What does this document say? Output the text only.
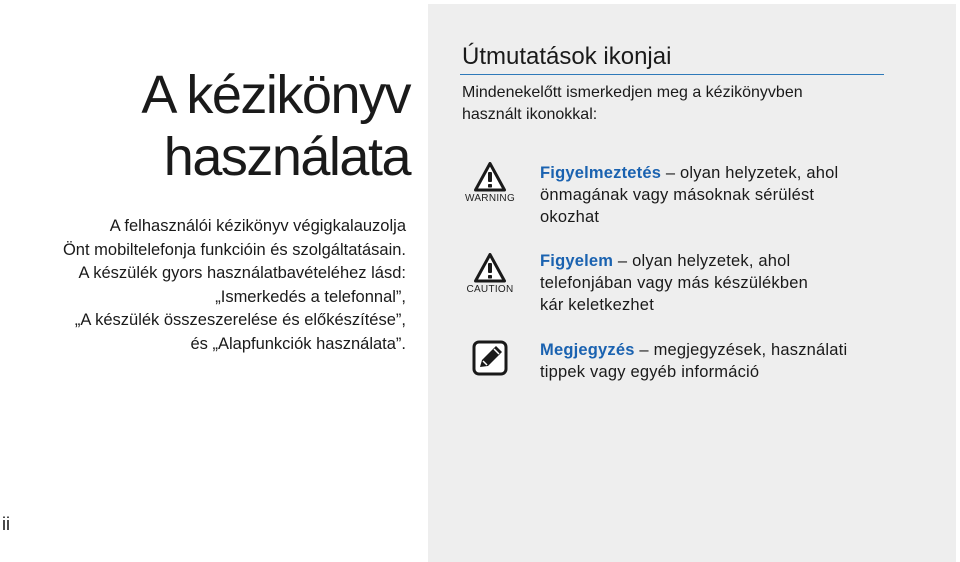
A kézikönyv
használata
A felhasználói kézikönyv végigkalauzolja
Önt mobiltelefonja funkcióin és szolgáltatásain.
A készülék gyors használatbavételéhez lásd:
„Ismerkedés a telefonnal”,
„A készülék összeszerelése és előkészítése”,
és „Alapfunkciók használata”.
ii
Útmutatások ikonjai
Mindenekelőtt ismerkedjen meg a kézikönyvben
használt ikonokkal:
WARNING
Figyelmeztetés – olyan helyzetek, ahol
önmagának vagy másoknak sérülést
okozhat
CAUTION
Figyelem – olyan helyzetek, ahol
telefonjában vagy más készülékben
kár keletkezhet
Megjegyzés – megjegyzések, használati
tippek vagy egyéb információ
